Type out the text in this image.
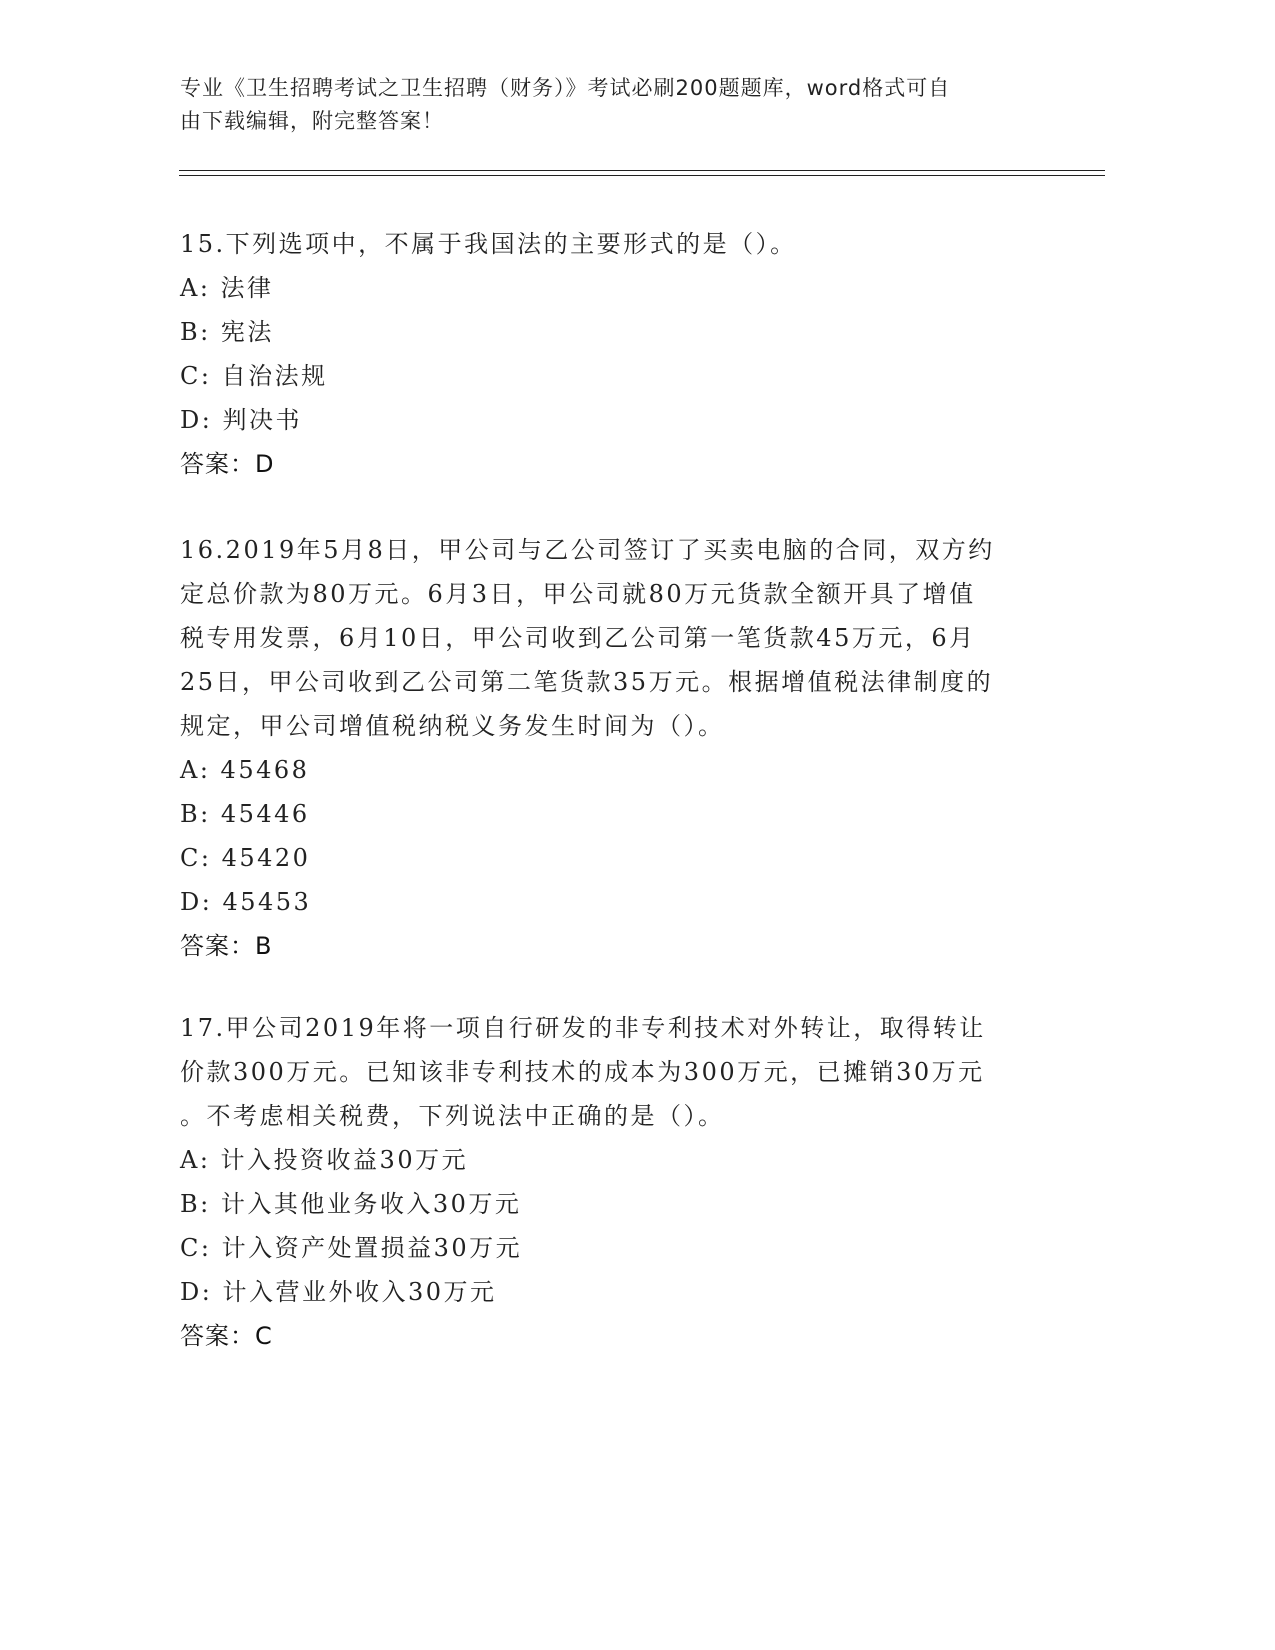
专业《卫生招聘考试之卫生招聘（财务）》考试必刷200题题库，word格式可自
由下载编辑，附完整答案！
15.下列选项中，不属于我国法的主要形式的是（）。
A: 法律
B: 宪法
C: 自治法规
D: 判决书
答案：D
16.2019年5月8日，甲公司与乙公司签订了买卖电脑的合同，双方约
定总价款为80万元。6月3日，甲公司就80万元货款全额开具了增值
税专用发票，6月10日，甲公司收到乙公司第一笔货款45万元，6月
25日，甲公司收到乙公司第二笔货款35万元。根据增值税法律制度的
规定，甲公司增值税纳税义务发生时间为（）。
A: 45468
B: 45446
C: 45420
D: 45453
答案：B
17.甲公司2019年将一项自行研发的非专利技术对外转让，取得转让
价款300万元。已知该非专利技术的成本为300万元，已摊销30万元
。不考虑相关税费，下列说法中正确的是（）。
A: 计入投资收益30万元
B: 计入其他业务收入30万元
C: 计入资产处置损益30万元
D: 计入营业外收入30万元
答案：C
